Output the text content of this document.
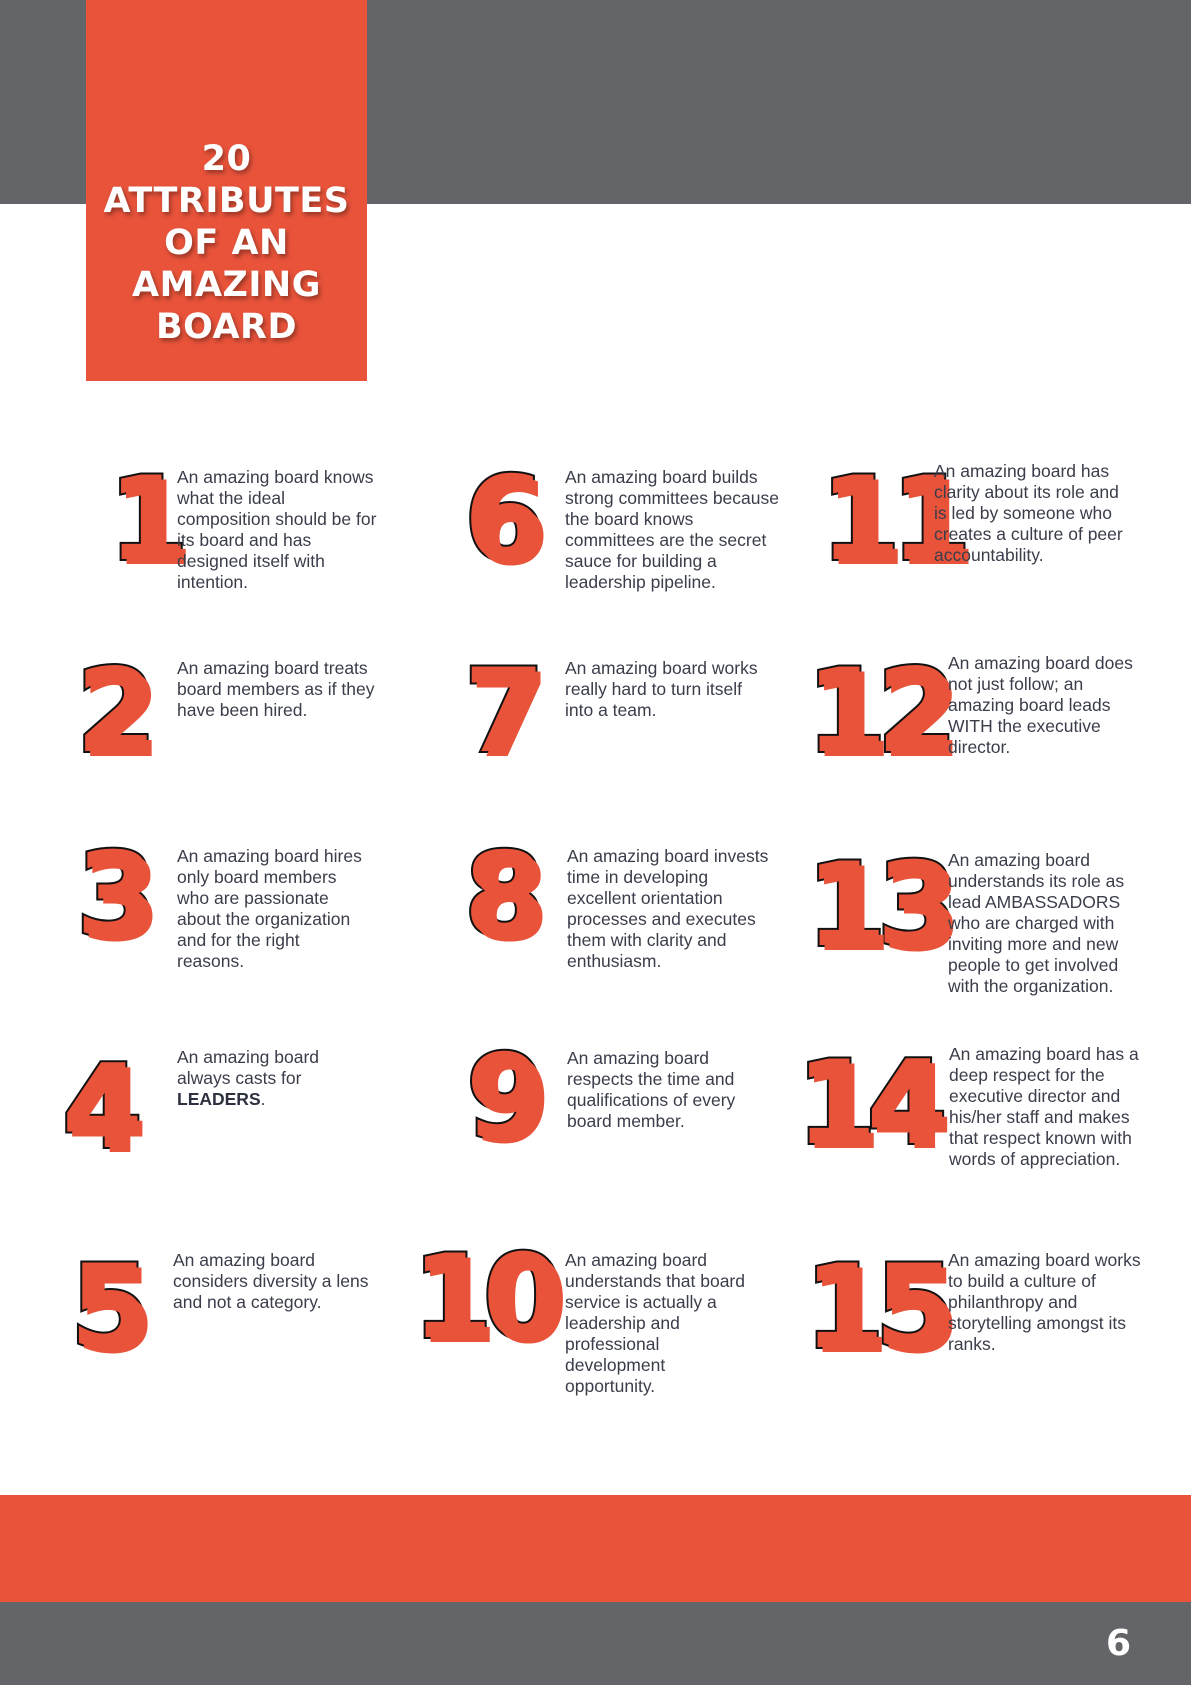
20
ATTRIBUTES
OF AN
AMAZING
BOARD
1
An amazing board knows what the ideal composition should be for its board and has designed itself with intention.
2 An amazing board treats board members as if they have been hired.
3 An amazing board hires only board members who are passionate about the organization and for the right reasons.
4	An amazing board always casts for LEADERS.
5 An amazing board considers diversity a lens and not a category.
6 An amazing board builds strong committees because the board knows committees are the secret sauce for building a leadership pipeline.
7 An amazing board works really hard to turn itself into a team.
8 An amazing board invests time in developing excellent orientation processes and executes them with clarity and enthusiasm.
9 An amazing board respects the time and qualifications of every board member.
10 An amazing board understands that board service is actually a leadership and professional development opportunity.
11
An amazing board has clarity about its role and is led by someone who creates a culture of peer accountability.
12 An amazing board does not just follow; an amazing board leads WITH the executive director.
13 An amazing board understands its role as lead AMBASSADORS who are charged with inviting more and new people to get involved with the organization.
14 An amazing board has a deep respect for the executive director and his/her staff and makes that respect known with words of appreciation.
15 An amazing board works to build a culture of philanthropy and storytelling amongst its ranks.
6
